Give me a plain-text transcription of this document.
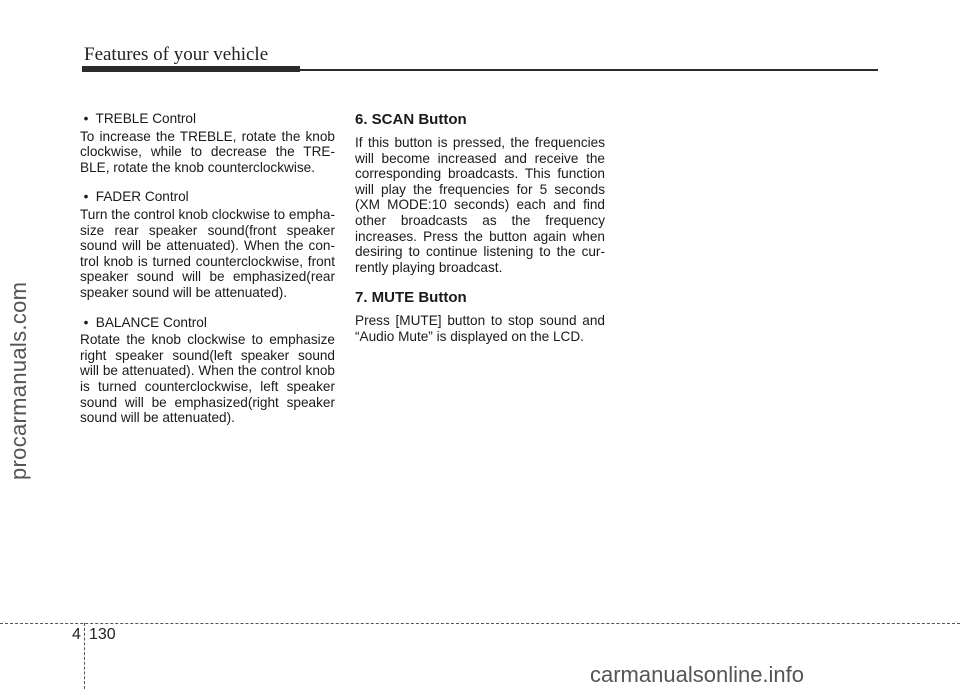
Features of your vehicle
procarmanuals.com
• TREBLE Control

To increase the TREBLE, rotate the knob clockwise, while to decrease the TRE-BLE, rotate the knob counterclockwise.

• FADER Control

Turn the control knob clockwise to empha-size rear speaker sound(front speaker sound will be attenuated). When the con-trol knob is turned counterclockwise, front speaker sound will be emphasized(rear speaker sound will be attenuated).

• BALANCE Control

Rotate the knob clockwise to emphasize right speaker sound(left speaker sound will be attenuated). When the control knob is turned counterclockwise, left speaker sound will be emphasized(right speaker sound will be attenuated).

6. SCAN Button

If this button is pressed, the frequencies will become increased and receive the corresponding broadcasts. This function will play the frequencies for 5 seconds (XM MODE:10 seconds) each and find other broadcasts as the frequency increases. Press the button again when desiring to continue listening to the cur-rently playing broadcast.

7. MUTE Button

Press [MUTE] button to stop sound and “Audio Mute” is displayed on the LCD.

4 130
carmanualsonline.info
